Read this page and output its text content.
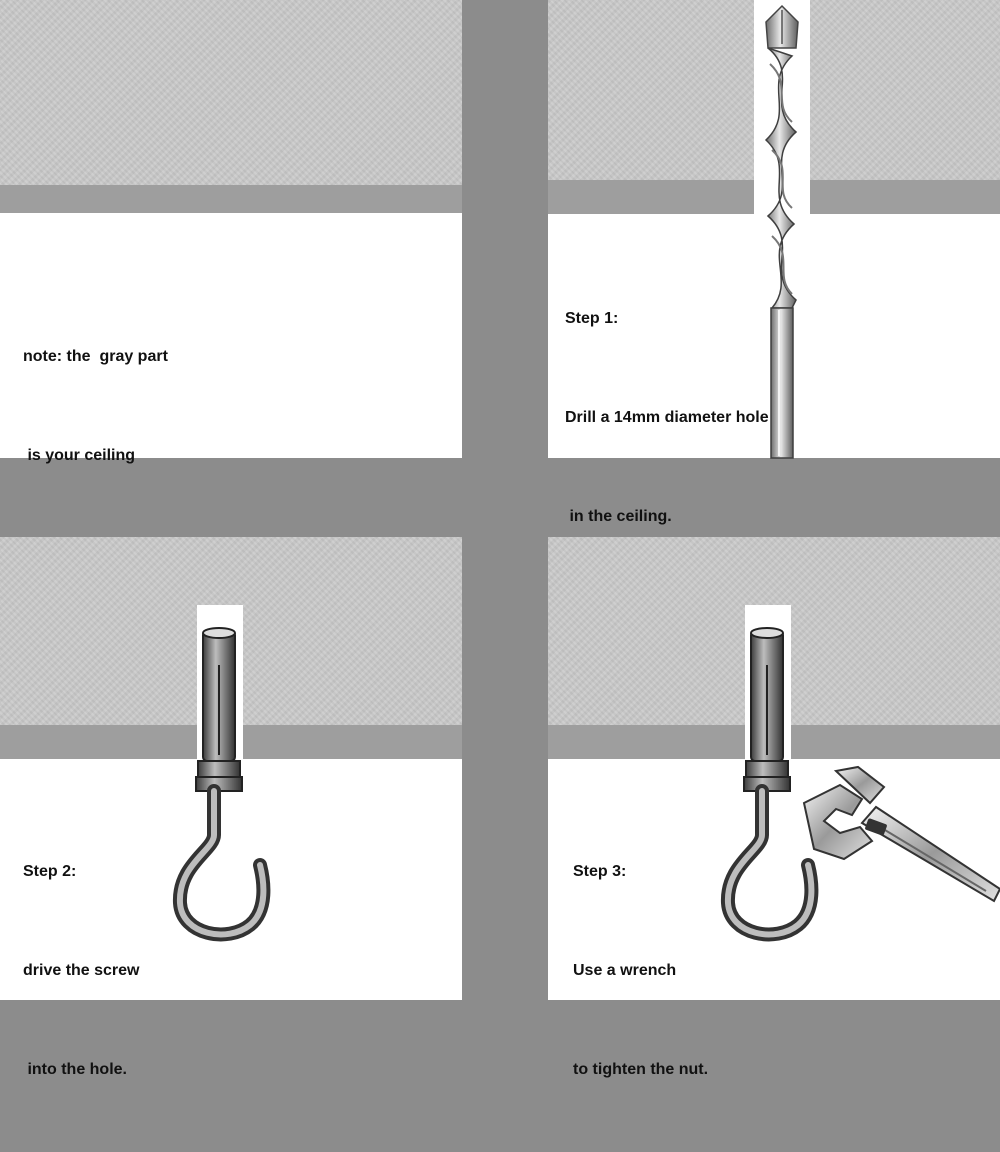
note: the  gray part

is your ceiling

Step 1:

Drill a 14mm diameter hole

in the ceiling.

Step 2:

drive the screw

into the hole.

Step 3:

Use a wrench

to tighten the nut.
